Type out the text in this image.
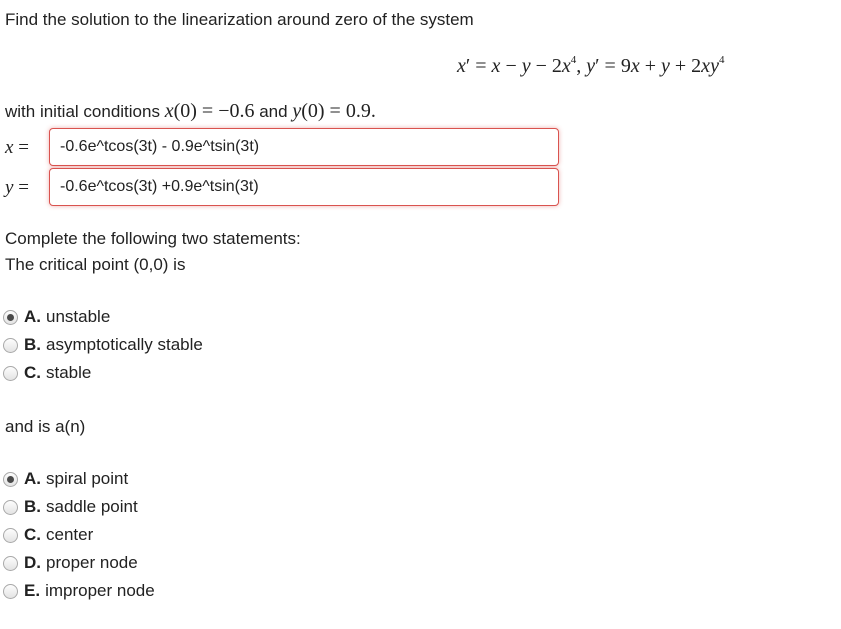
Find the solution to the linearization around zero of the system
$x' = x - y - 2x^4$, $y' = 9x + y + 2xy^4$
with initial conditions x(0) = −0.6 and y(0) = 0.9.
x =
-0.6e^tcos(3t) - 0.9e^tsin(3t)
y =
-0.6e^tcos(3t) +0.9e^tsin(3t)
Complete the following two statements:
The critical point (0,0) is
A. unstable
B. asymptotically stable
C. stable
and is a(n)
A. spiral point
B. saddle point
C. center
D. proper node
E. improper node
